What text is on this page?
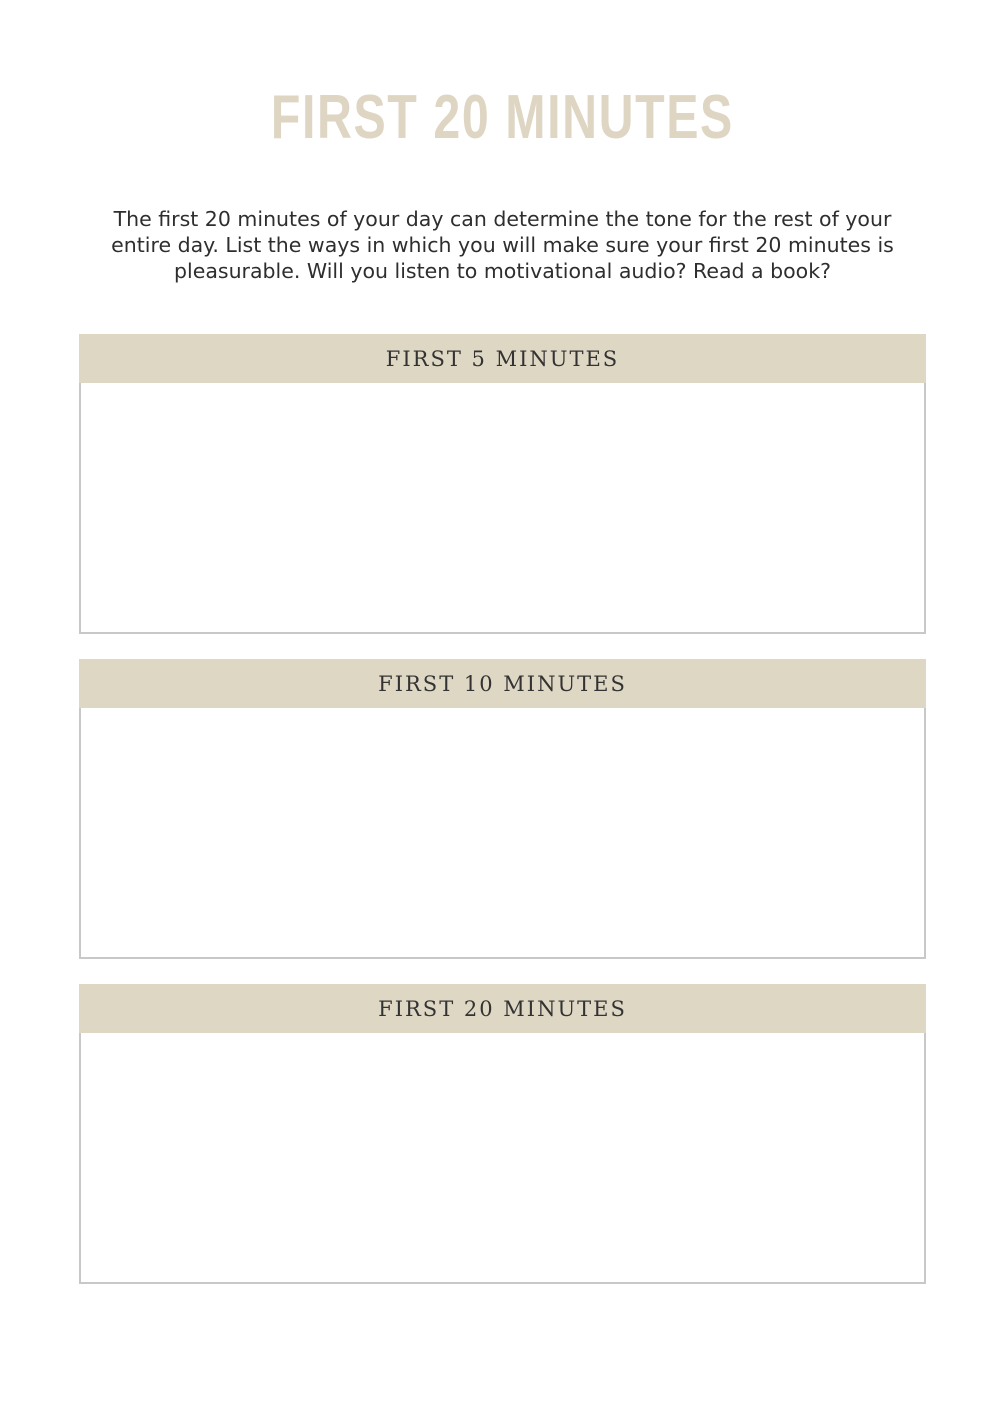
FIRST 20 MINUTES

The first 20 minutes of your day can determine the tone for the rest of your entire day. List the ways in which you will make sure your first 20 minutes is pleasurable. Will you listen to motivational audio? Read a book?

FIRST 5 MINUTES
FIRST 10 MINUTES
FIRST 20 MINUTES
